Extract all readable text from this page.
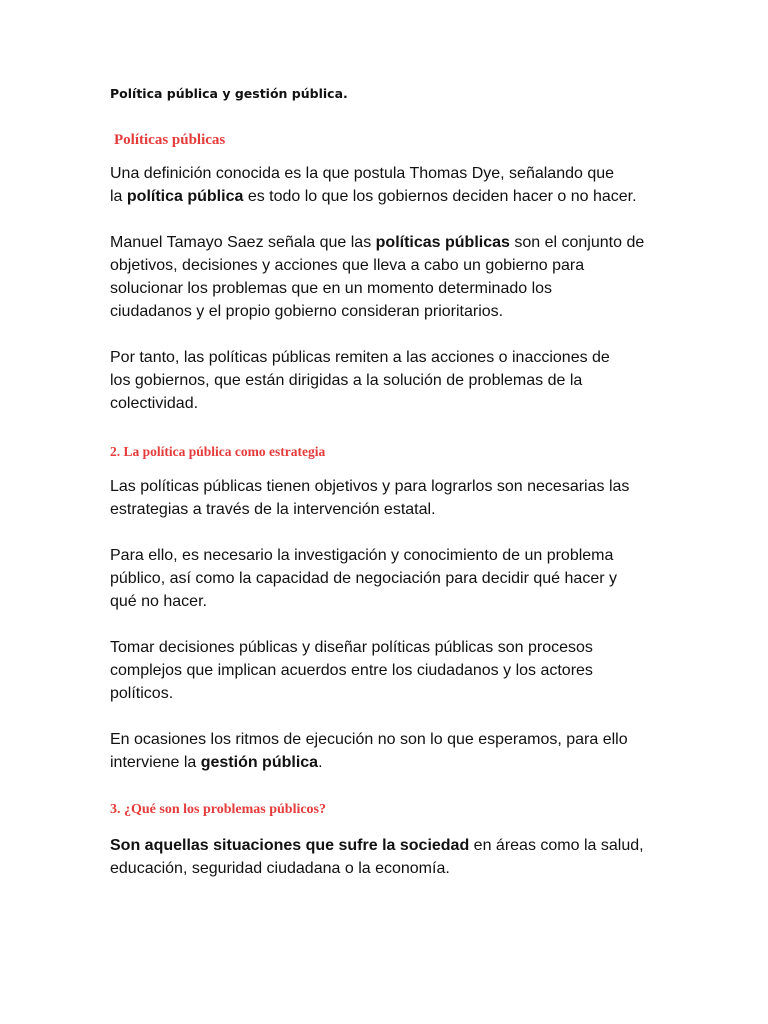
Política pública y gestión pública.
Políticas públicas

Una definición conocida es la que postula Thomas Dye, señalando que
la política pública es todo lo que los gobiernos deciden hacer o no hacer.

Manuel Tamayo Saez señala que las políticas públicas son el conjunto de
objetivos, decisiones y acciones que lleva a cabo un gobierno para
solucionar los problemas que en un momento determinado los
ciudadanos y el propio gobierno consideran prioritarios.

Por tanto, las políticas públicas remiten a las acciones o inacciones de
los gobiernos, que están dirigidas a la solución de problemas de la
colectividad.

2. La política pública como estrategia

Las políticas públicas tienen objetivos y para lograrlos son necesarias las
estrategias a través de la intervención estatal.

Para ello, es necesario la investigación y conocimiento de un problema
público, así como la capacidad de negociación para decidir qué hacer y
qué no hacer.

Tomar decisiones públicas y diseñar políticas públicas son procesos
complejos que implican acuerdos entre los ciudadanos y los actores
políticos.

En ocasiones los ritmos de ejecución no son lo que esperamos, para ello
interviene la gestión pública.

3. ¿Qué son los problemas públicos?

Son aquellas situaciones que sufre la sociedad en áreas como la salud,
educación, seguridad ciudadana o la economía.
